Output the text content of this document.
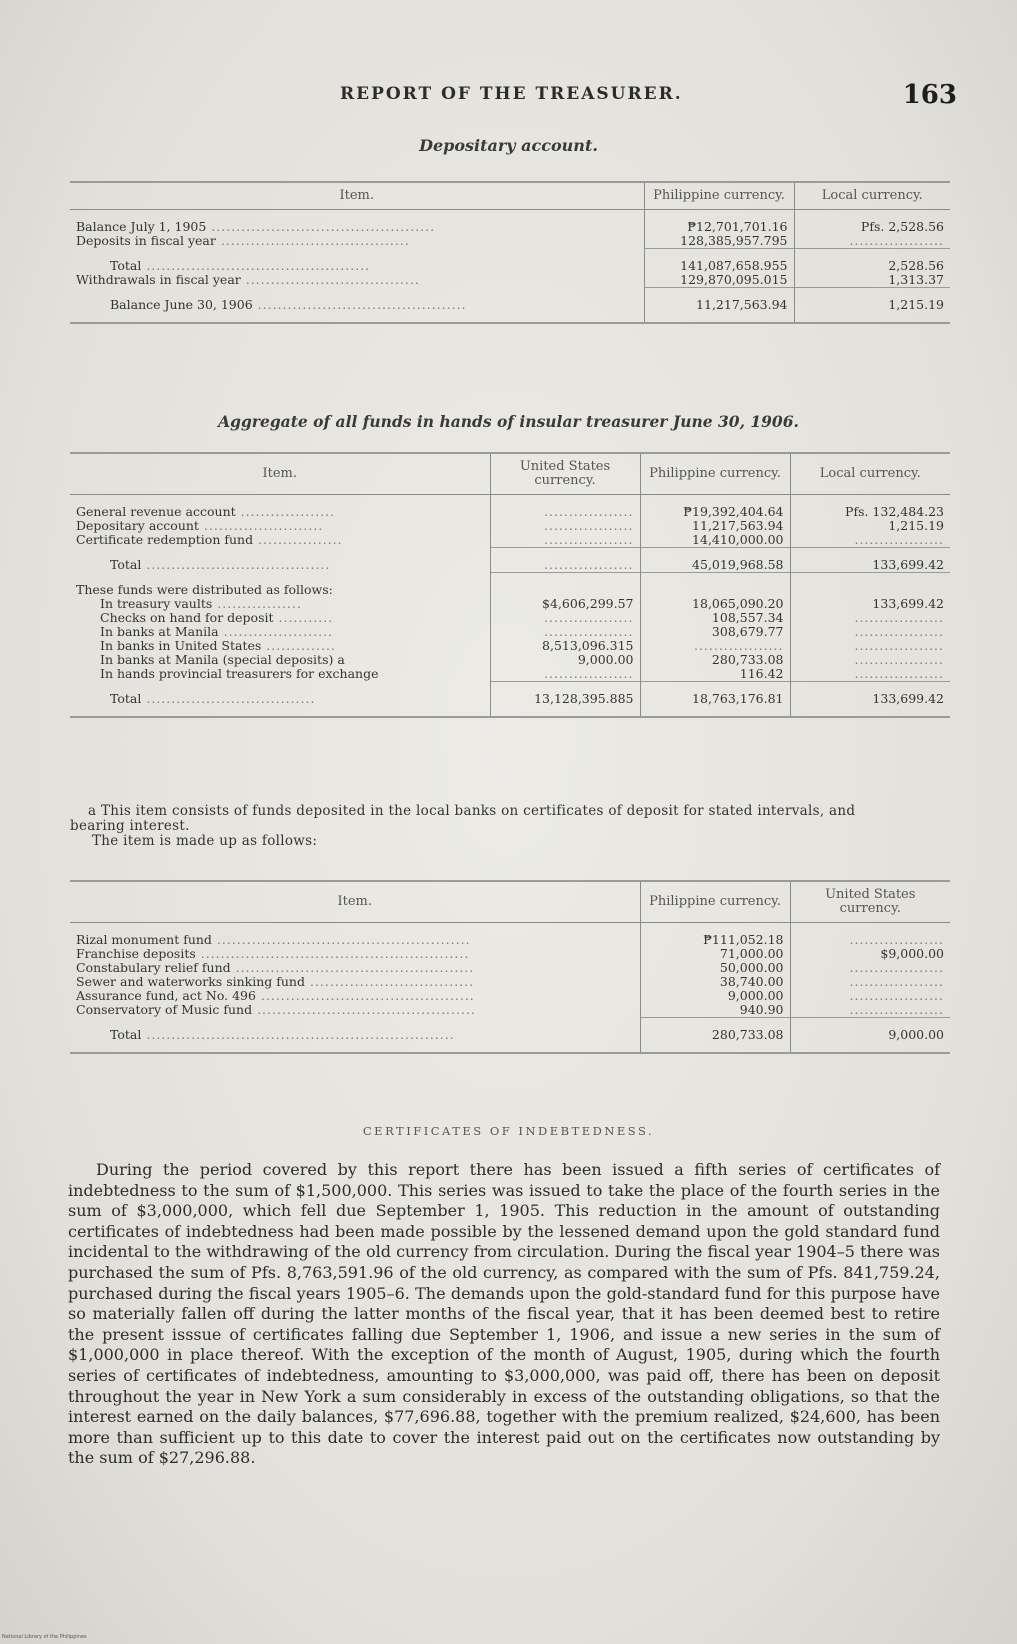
REPORT OF THE TREASURER.	163
Depositary account.
Item.	Philippine currency.	Local currency.

Balance July 1, 1905 .............................................	₱12,701,701.16	Pfs. 2,528.56
Deposits in fiscal year ......................................	128,385,957.795	...................

Total .............................................	141,087,658.955	2,528.56
Withdrawals in fiscal year ...................................	129,870,095.015	1,313.37

Balance June 30, 1906 ..........................................	11,217,563.94	1,215.19

Aggregate of all funds in hands of insular treasurer June 30, 1906.
Item.	United States currency.	Philippine currency.	Local currency.

General revenue account ...................	..................	₱19,392,404.64	Pfs. 132,484.23
Depositary account ........................	..................	11,217,563.94	1,215.19
Certificate redemption fund .................	..................	14,410,000.00	..................

Total .....................................	..................	45,019,968.58	133,699.42

These funds were distributed as follows:			
In treasury vaults .................	$4,606,299.57	18,065,090.20	133,699.42
Checks on hand for deposit ...........	..................	108,557.34	..................
In banks at Manila ......................	..................	308,679.77	..................
In banks in United States ..............	8,513,096.315	..................	..................
In banks at Manila (special deposits) a	9,000.00	280,733.08	..................
In hands provincial treasurers for exchange	..................	116.42	..................

Total ..................................	13,128,395.885	18,763,176.81	133,699.42

a This item consists of funds deposited in the local banks on certificates of deposit for stated intervals, and bearing interest.

The item is made up as follows:

Item.	Philippine currency.	United States currency.

Rizal monument fund ...................................................	₱111,052.18	...................
Franchise deposits ......................................................	71,000.00	$9,000.00
Constabulary relief fund ................................................	50,000.00	...................
Sewer and waterworks sinking fund .................................	38,740.00	...................
Assurance fund, act No. 496 ...........................................	9,000.00	...................
Conservatory of Music fund ............................................	940.90	...................

Total ..............................................................	280,733.08	9,000.00

CERTIFICATES OF INDEBTEDNESS.
During the period covered by this report there has been issued a fifth series of certificates of indebtedness to the sum of $1,500,000. This series was issued to take the place of the fourth series in the sum of $3,000,000, which fell due September 1, 1905. This reduction in the amount of outstanding certificates of indebtedness had been made possible by the lessened demand upon the gold standard fund incidental to the withdrawing of the old currency from circulation. During the fiscal year 1904–5 there was purchased the sum of Pfs. 8,763,591.96 of the old currency, as compared with the sum of Pfs. 841,759.24, purchased during the fiscal years 1905–6. The demands upon the gold-standard fund for this purpose have so materially fallen off during the latter months of the fiscal year, that it has been deemed best to retire the present isssue of certificates falling due September 1, 1906, and issue a new series in the sum of $1,000,000 in place thereof. With the exception of the month of August, 1905, during which the fourth series of certificates of indebtedness, amounting to $3,000,000, was paid off, there has been on deposit throughout the year in New York a sum considerably in excess of the outstanding obligations, so that the interest earned on the daily balances, $77,696.88, together with the premium realized, $24,600, has been more than sufficient up to this date to cover the interest paid out on the certificates now outstanding by the sum of $27,296.88.
National Library of the Philippines
